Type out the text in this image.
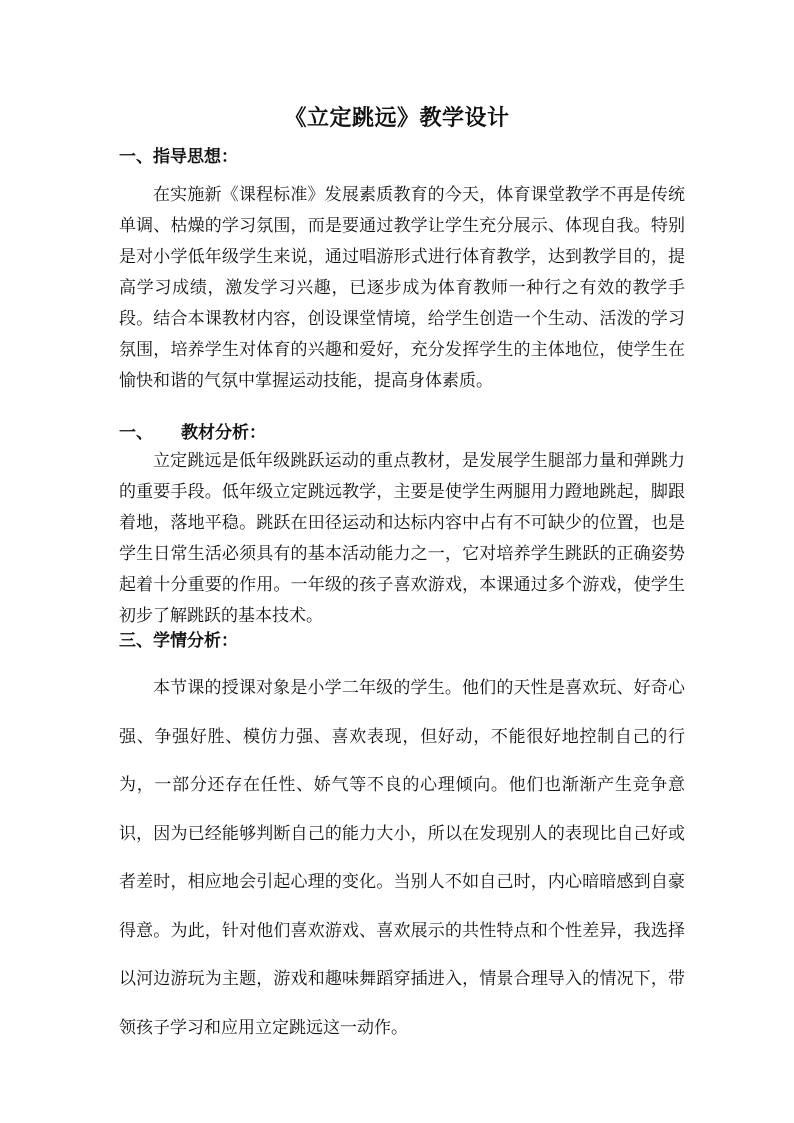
《立定跳远》教学设计
一、指导思想：

在实施新《课程标准》发展素质教育的今天，体育课堂教学不再是传统单调、枯燥的学习氛围，而是要通过教学让学生充分展示、体现自我。特别是对小学低年级学生来说，通过唱游形式进行体育教学，达到教学目的，提高学习成绩，激发学习兴趣，已逐步成为体育教师一种行之有效的教学手段。结合本课教材内容，创设课堂情境，给学生创造一个生动、活泼的学习氛围，培养学生对体育的兴趣和爱好，充分发挥学生的主体地位，使学生在愉快和谐的气氛中掌握运动技能，提高身体素质。

一、 教材分析：

立定跳远是低年级跳跃运动的重点教材，是发展学生腿部力量和弹跳力的重要手段。低年级立定跳远教学，主要是使学生两腿用力蹬地跳起，脚跟着地，落地平稳。跳跃在田径运动和达标内容中占有不可缺少的位置，也是学生日常生活必须具有的基本活动能力之一，它对培养学生跳跃的正确姿势起着十分重要的作用。一年级的孩子喜欢游戏，本课通过多个游戏，使学生初步了解跳跃的基本技术。

三、学情分析：

本节课的授课对象是小学二年级的学生。他们的天性是喜欢玩、好奇心强、争强好胜、模仿力强、喜欢表现，但好动，不能很好地控制自己的行为，一部分还存在任性、娇气等不良的心理倾向。他们也渐渐产生竞争意识，因为已经能够判断自己的能力大小，所以在发现别人的表现比自己好或者差时，相应地会引起心理的变化。当别人不如自己时，内心暗暗感到自豪得意。为此，针对他们喜欢游戏、喜欢展示的共性特点和个性差异，我选择以河边游玩为主题，游戏和趣味舞蹈穿插进入，情景合理导入的情况下，带领孩子学习和应用立定跳远这一动作。
